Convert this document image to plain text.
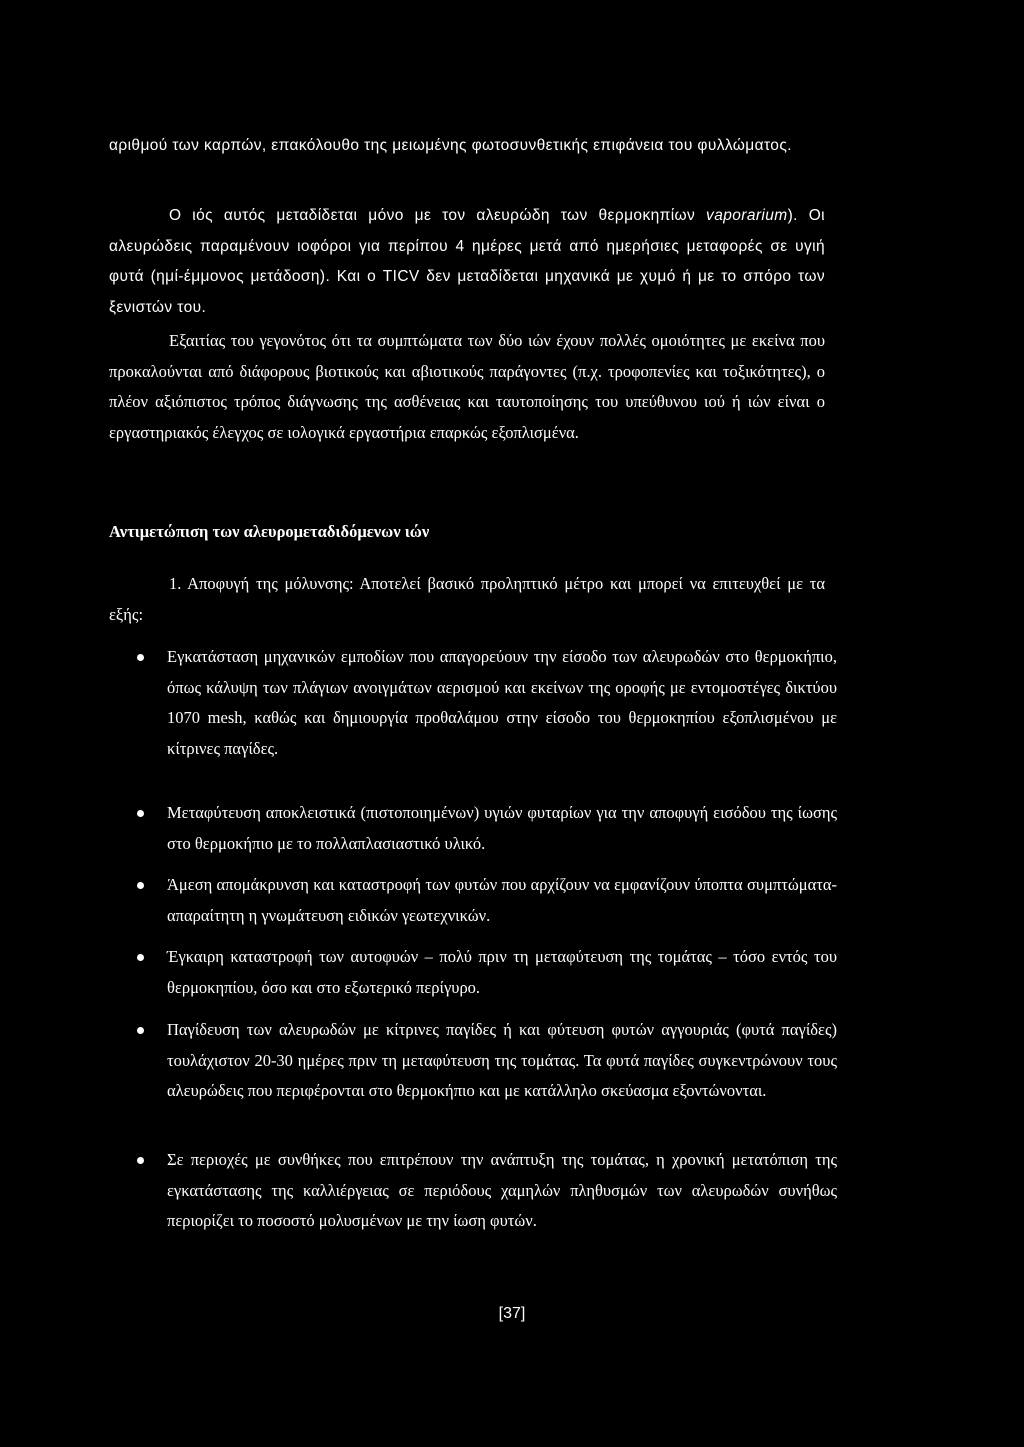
αριθμού των καρπών, επακόλουθο της μειωμένης φωτοσυνθετικής επιφάνεια του φυλλώματος.

Ο ιός αυτός μεταδίδεται μόνο με τον αλευρώδη των θερμοκηπίων vaporarium). Οι αλευρώδεις παραμένουν ιοφόροι για περίπου 4 ημέρες μετά από ημερήσιες μεταφορές σε υγιή φυτά (ημί-έμμονος μετάδοση). Και ο TICV δεν μεταδίδεται μηχανικά με χυμό ή με το σπόρο των ξενιστών του.

Εξαιτίας του γεγονότος ότι τα συμπτώματα των δύο ιών έχουν πολλές ομοιότητες με εκείνα που προκαλούνται από διάφορους βιοτικούς και αβιοτικούς παράγοντες (π.χ. τροφοπενίες και τοξικότητες), ο πλέον αξιόπιστος τρόπος διάγνωσης της ασθένειας και ταυτοποίησης του υπεύθυνου ιού ή ιών είναι ο εργαστηριακός έλεγχος σε ιολογικά εργαστήρια επαρκώς εξοπλισμένα.

Αντιμετώπιση των αλευρομεταδιδόμενων ιών

1. Αποφυγή της μόλυνσης: Αποτελεί βασικό προληπτικό μέτρο και μπορεί να επιτευχθεί με τα εξής:

Εγκατάσταση μηχανικών εμποδίων που απαγορεύουν την είσοδο των αλευρωδών στο θερμοκήπιο, όπως κάλυψη των πλάγιων ανοιγμάτων αερισμού και εκείνων της οροφής με εντομοστέγες δικτύου 1070 mesh, καθώς και δημιουργία προθαλάμου στην είσοδο του θερμοκηπίου εξοπλισμένου με κίτρινες παγίδες.
Μεταφύτευση αποκλειστικά (πιστοποιημένων) υγιών φυταρίων για την αποφυγή εισόδου της ίωσης στο θερμοκήπιο με το πολλαπλασιαστικό υλικό.
Άμεση απομάκρυνση και καταστροφή των φυτών που αρχίζουν να εμφανίζουν ύποπτα συμπτώματα-απαραίτητη η γνωμάτευση ειδικών γεωτεχνικών.
Έγκαιρη καταστροφή των αυτοφυών – πολύ πριν τη μεταφύτευση της τομάτας – τόσο εντός του θερμοκηπίου, όσο και στο εξωτερικό περίγυρο.
Παγίδευση των αλευρωδών με κίτρινες παγίδες ή και φύτευση φυτών αγγουριάς (φυτά παγίδες) τουλάχιστον 20-30 ημέρες πριν τη μεταφύτευση της τομάτας. Τα φυτά παγίδες συγκεντρώνουν τους αλευρώδεις που περιφέρονται στο θερμοκήπιο και με κατάλληλο σκεύασμα εξοντώνονται.
Σε περιοχές με συνθήκες που επιτρέπουν την ανάπτυξη της τομάτας, η χρονική μετατόπιση της εγκατάστασης της καλλιέργειας σε περιόδους χαμηλών πληθυσμών των αλευρωδών συνήθως περιορίζει το ποσοστό μολυσμένων με την ίωση φυτών.
[37]
